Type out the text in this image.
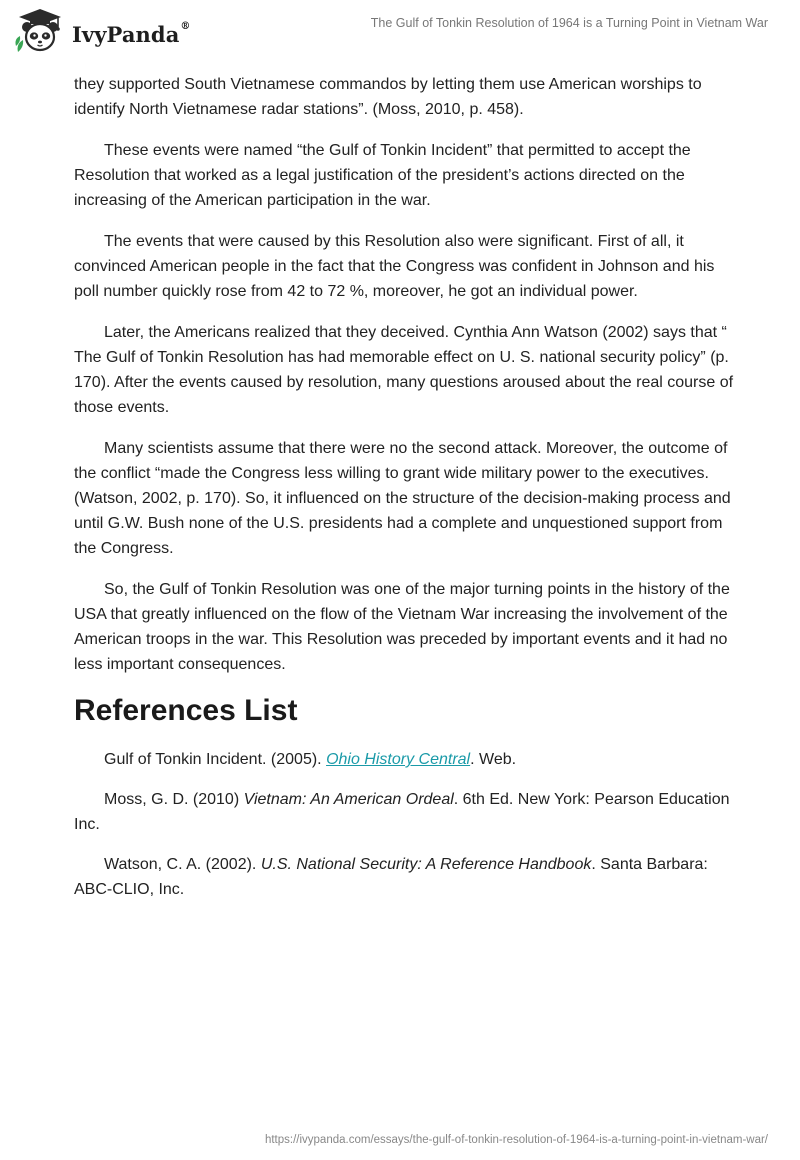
IvyPanda®	The Gulf of Tonkin Resolution of 1964 is a Turning Point in Vietnam War

they supported South Vietnamese commandos by letting them use American worships to identify North Vietnamese radar stations”. (Moss, 2010, p. 458).

These events were named “the Gulf of Tonkin Incident” that permitted to accept the Resolution that worked as a legal justification of the president’s actions directed on the increasing of the American participation in the war.

The events that were caused by this Resolution also were significant. First of all, it convinced American people in the fact that the Congress was confident in Johnson and his poll number quickly rose from 42 to 72 %, moreover, he got an individual power.

Later, the Americans realized that they deceived. Cynthia Ann Watson (2002) says that “ The Gulf of Tonkin Resolution has had memorable effect on U. S. national security policy” (p. 170). After the events caused by resolution, many questions aroused about the real course of those events.

Many scientists assume that there were no the second attack. Moreover, the outcome of the conflict “made the Congress less willing to grant wide military power to the executives. (Watson, 2002, p. 170). So, it influenced on the structure of the decision-making process and until G.W. Bush none of the U.S. presidents had a complete and unquestioned support from the Congress.

So, the Gulf of Tonkin Resolution was one of the major turning points in the history of the USA that greatly influenced on the flow of the Vietnam War increasing the involvement of the American troops in the war. This Resolution was preceded by important events and it had no less important consequences.

References List

Gulf of Tonkin Incident. (2005). Ohio History Central. Web.

Moss, G. D. (2010) Vietnam: An American Ordeal. 6th Ed. New York: Pearson Education Inc.

Watson, C. A. (2002). U.S. National Security: A Reference Handbook. Santa Barbara: ABC-CLIO, Inc.

https://ivypanda.com/essays/the-gulf-of-tonkin-resolution-of-1964-is-a-turning-point-in-vietnam-war/
